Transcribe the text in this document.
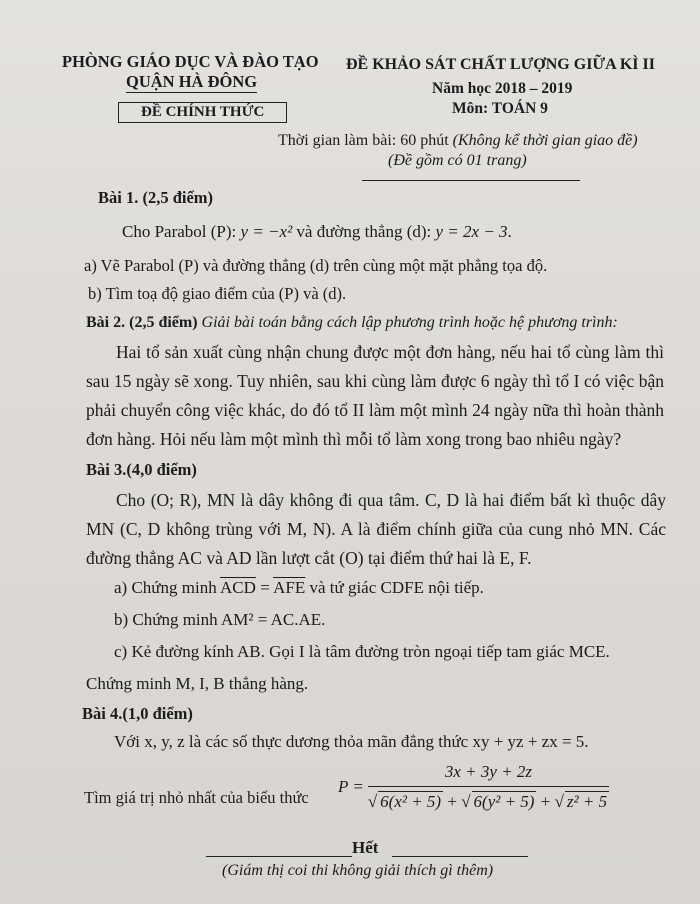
PHÒNG GIÁO DỤC VÀ ĐÀO TẠO
QUẬN HÀ ĐÔNG
ĐỀ CHÍNH THỨC
ĐỀ KHẢO SÁT CHẤT LƯỢNG GIỮA KÌ II
Năm học 2018 – 2019
Môn: TOÁN 9
Thời gian làm bài: 60 phút (Không kể thời gian giao đề)
(Đề gồm có 01 trang)
Bài 1. (2,5 điểm)
Cho Parabol (P): y = −x² và đường thẳng (d): y = 2x − 3.
a) Vẽ Parabol (P) và đường thẳng (d) trên cùng một mặt phẳng tọa độ.
b) Tìm toạ độ giao điểm của (P) và (d).
Bài 2. (2,5 điểm) Giải bài toán bằng cách lập phương trình hoặc hệ phương trình:
Hai tổ sản xuất cùng nhận chung được một đơn hàng, nếu hai tổ cùng làm thì sau 15 ngày sẽ xong. Tuy nhiên, sau khi cùng làm được 6 ngày thì tổ I có việc bận phải chuyển công việc khác, do đó tổ II làm một mình 24 ngày nữa thì hoàn thành đơn hàng. Hỏi nếu làm một mình thì mỗi tổ làm xong trong bao nhiêu ngày?
Bài 3.(4,0 điểm)
Cho (O; R), MN là dây không đi qua tâm. C, D là hai điểm bất kì thuộc dây MN (C, D không trùng với M, N). A là điểm chính giữa của cung nhỏ MN. Các đường thẳng AC và AD lần lượt cắt (O) tại điểm thứ hai là E, F.
a) Chứng minh $\overline{ACD} = \overline{AFE}$ và tứ giác CDFE nội tiếp.
b) Chứng minh AM² = AC.AE.
c) Kẻ đường kính AB. Gọi I là tâm đường tròn ngoại tiếp tam giác MCE.
Chứng minh M, I, B thẳng hàng.
Bài 4.(1,0 điểm)
Với x, y, z là các số thực dương thỏa mãn đẳng thức xy + yz + zx = 5.
Tìm giá trị nhỏ nhất của biểu thức
$P = \frac{3x + 3y + 2z}{\text{√ 6(x² + 5) + √ 6(y² + 5) + √ z² + 5}}$
Hết
(Giám thị coi thi không giải thích gì thêm)
